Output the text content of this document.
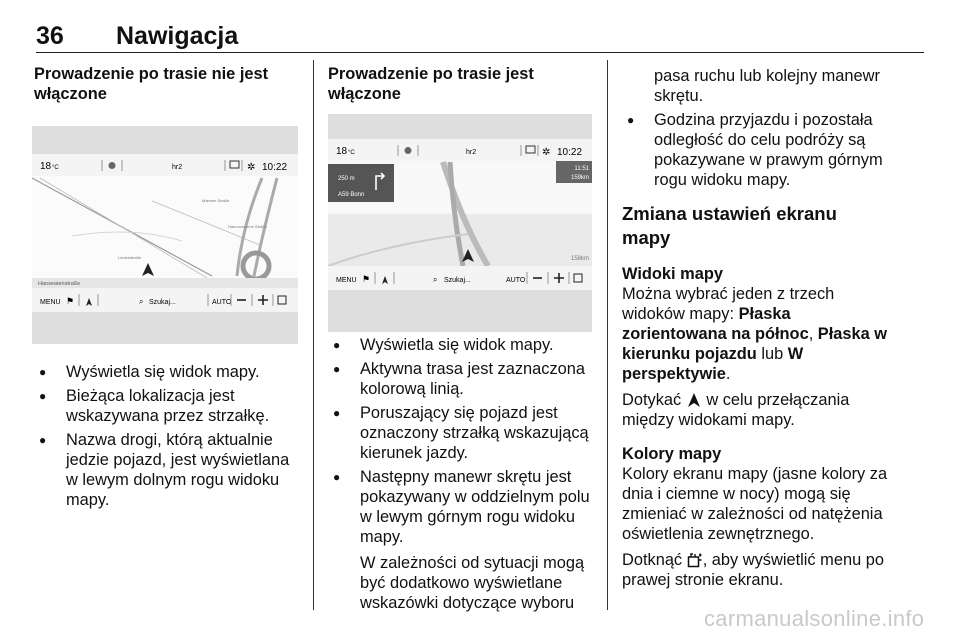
36 Nawigacja
Prowadzenie po trasie nie jest włączone
18 °C	hr2	✲ 10:22
Mainzer Straße
Hannoversche Straße
Lindenstraße
Hanseatenstraße
MENU ⚑	⌕ Szukaj...	AUTO
● Wyświetla się widok mapy.
● Bieżąca lokalizacja jest wskazywana przez strzałkę.
● Nazwa drogi, którą aktualnie jedzie pojazd, jest wyświetlana w lewym dolnym rogu widoku mapy.
Prowadzenie po trasie jest włączone
18 °C	hr2	✲ 10:22
250 m
A59 Bonn
11:51
159km
158km
MENU ⚑	⌕ Szukaj...	AUTO
● Wyświetla się widok mapy.
● Aktywna trasa jest zaznaczona kolorową linią.
● Poruszający się pojazd jest oznaczony strzałką wskazującą kierunek jazdy.
● Następny manewr skrętu jest pokazywany w oddzielnym polu w lewym górnym rogu widoku mapy.

W zależności od sytuacji mogą być dodatkowo wyświetlane wskazówki dotyczące wyboru

pasa ruchu lub kolejny manewr skrętu.

● Godzina przyjazdu i pozostała odległość do celu podróży są pokazywane w prawym górnym rogu widoku mapy.
Zmiana ustawień ekranu mapy
Widoki mapy

Można wybrać jeden z trzech widoków mapy: Płaska zorientowana na północ, Płaska w kierunku pojazdu lub W perspektywie.

Dotykać  w celu przełączania między widokami mapy.

Kolory mapy

Kolory ekranu mapy (jasne kolory za dnia i ciemne w nocy) mogą się zmieniać w zależności od natężenia oświetlenia zewnętrznego.

Dotknąć , aby wyświetlić menu po prawej stronie ekranu.

carmanualsonline.info
